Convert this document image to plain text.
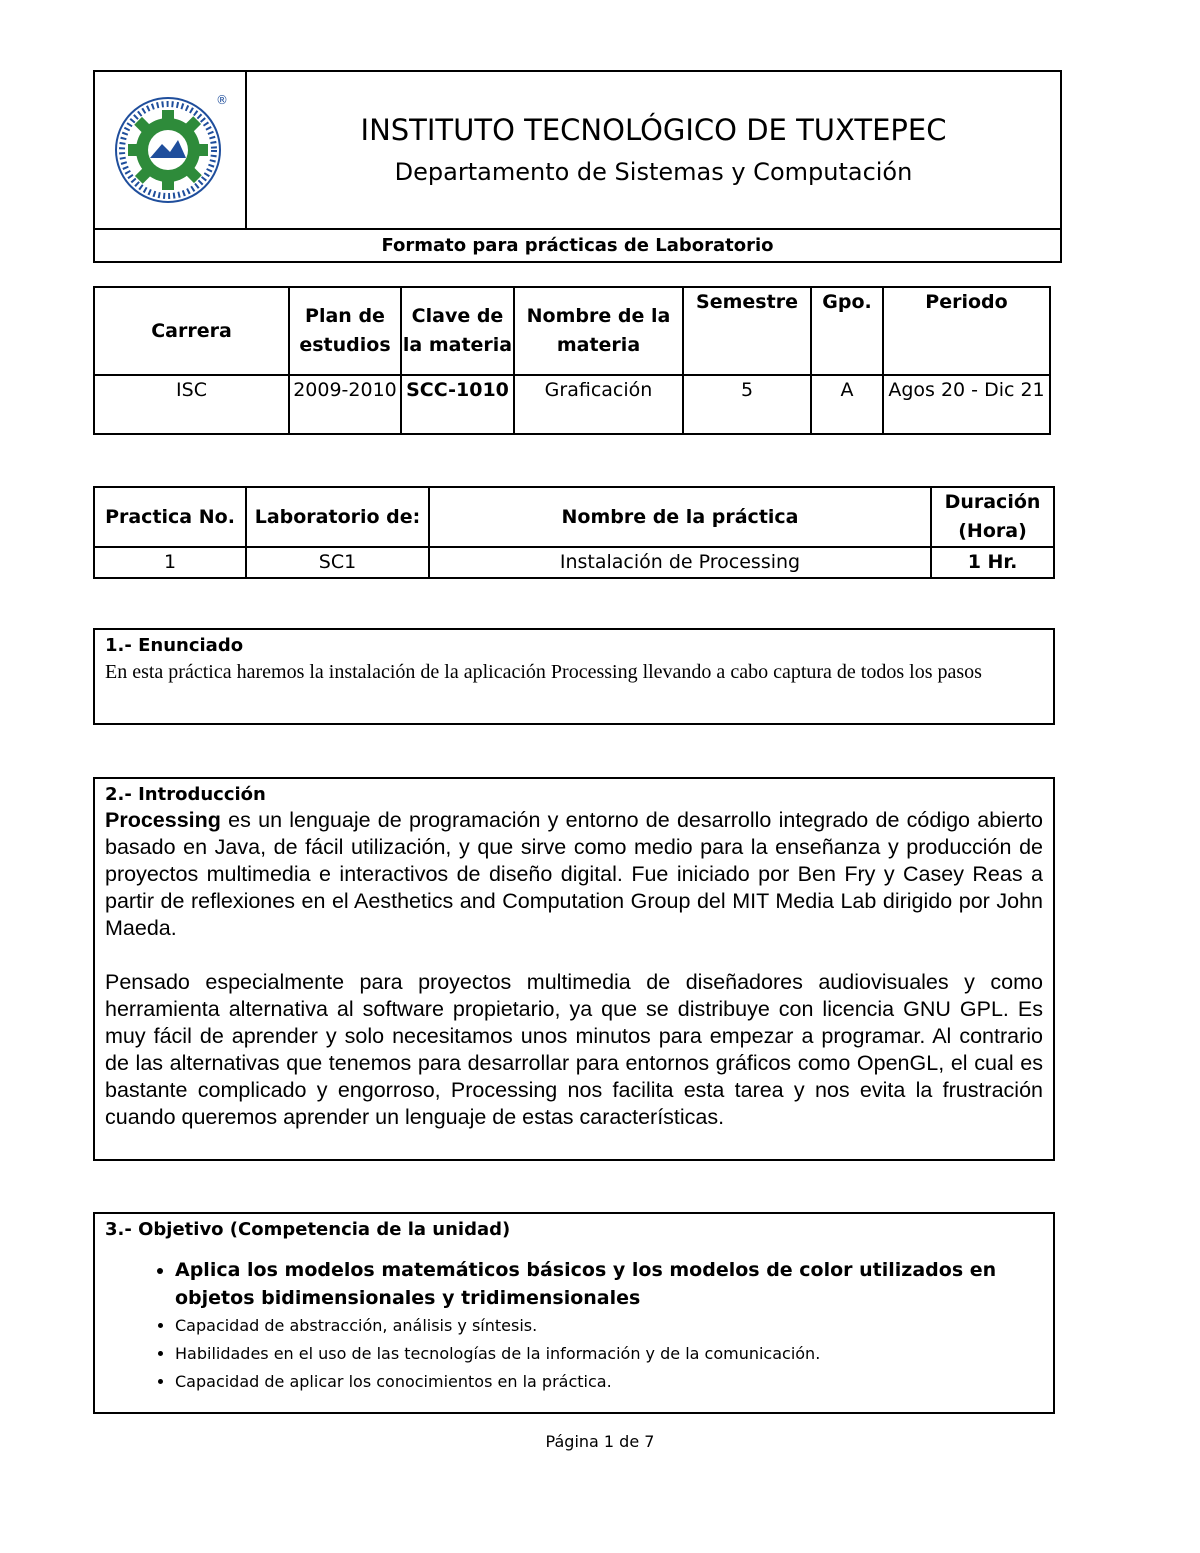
®

INSTITUTO TECNOLÓGICO DE TUXTEPEC
Departamento de Sistemas y Computación

Formato para prácticas de Laboratorio
Carrera	Plan de estudios	Clave de la materia	Nombre de la materia	Semestre	Gpo.	Periodo
ISC	2009-2010	SCC-1010	Graficación	5	A	Agos 20 - Dic 21
Practica No.	Laboratorio de:	Nombre de la práctica	Duración (Hora)
1	SC1	Instalación de Processing	1 Hr.
1.- Enunciado
En esta práctica haremos la instalación de la aplicación Processing llevando a cabo captura de todos los pasos
2.- Introducción

Processing es un lenguaje de programación y entorno de desarrollo integrado de código abierto basado en Java, de fácil utilización, y que sirve como medio para la enseñanza y producción de proyectos multimedia e interactivos de diseño digital. Fue iniciado por Ben Fry y Casey Reas a partir de reflexiones en el Aesthetics and Computation Group del MIT Media Lab dirigido por John Maeda.

Pensado especialmente para proyectos multimedia de diseñadores audiovisuales y como herramienta alternativa al software propietario, ya que se distribuye con licencia GNU GPL. Es muy fácil de aprender y solo necesitamos unos minutos para empezar a programar. Al contrario de las alternativas que tenemos para desarrollar para entornos gráficos como OpenGL, el cual es bastante complicado y engorroso, Processing nos facilita esta tarea y nos evita la frustración cuando queremos aprender un lenguaje de estas características.

3.- Objetivo (Competencia de la unidad)
• Aplica los modelos matemáticos básicos y los modelos de color utilizados en objetos bidimensionales y tridimensionales
• Capacidad de abstracción, análisis y síntesis.
• Habilidades en el uso de las tecnologías de la información y de la comunicación.
• Capacidad de aplicar los conocimientos en la práctica.
Página 1 de 7
